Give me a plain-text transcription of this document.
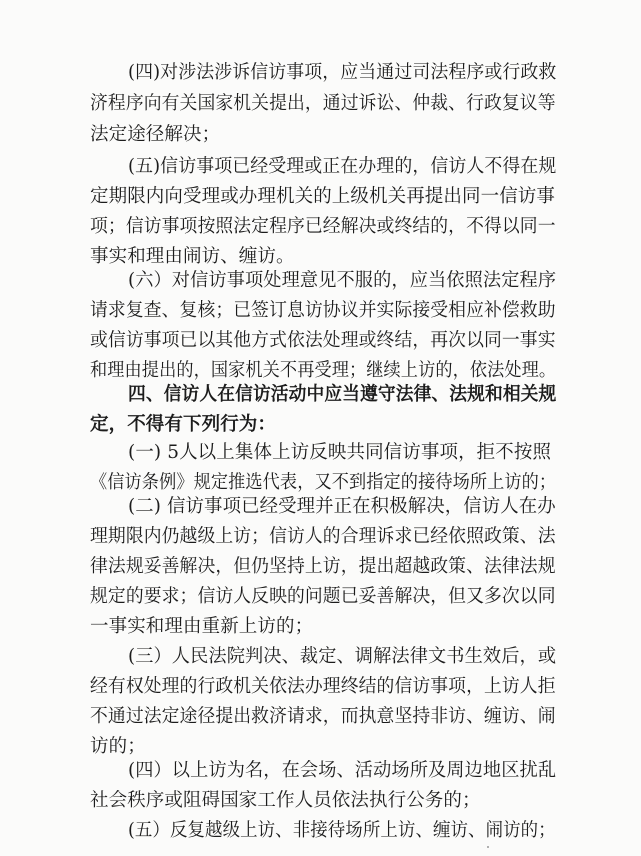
(四)对涉法涉诉信访事项，应当通过司法程序或行政救
济程序向有关国家机关提出，通过诉讼、仲裁、行政复议等
法定途径解决；
(五)信访事项已经受理或正在办理的，信访人不得在规
定期限内向受理或办理机关的上级机关再提出同一信访事
项；信访事项按照法定程序已经解决或终结的，不得以同一
事实和理由闹访、缠访。
(六）对信访事项处理意见不服的，应当依照法定程序
请求复查、复核；已签订息访协议并实际接受相应补偿救助
或信访事项已以其他方式依法处理或终结，再次以同一事实
和理由提出的，国家机关不再受理；继续上访的，依法处理。
四、信访人在信访活动中应当遵守法律、法规和相关规
定，不得有下列行为：
(一) 5人以上集体上访反映共同信访事项，拒不按照
《信访条例》规定推选代表，又不到指定的接待场所上访的；
(二) 信访事项已经受理并正在积极解决，信访人在办
理期限内仍越级上访；信访人的合理诉求已经依照政策、法
律法规妥善解决，但仍坚持上访，提出超越政策、法律法规
规定的要求；信访人反映的问题已妥善解决，但又多次以同
一事实和理由重新上访的；
(三）人民法院判决、裁定、调解法律文书生效后，或
经有权处理的行政机关依法办理终结的信访事项，上访人拒
不通过法定途径提出救济请求，而执意坚持非访、缠访、闹
访的；
(四）以上访为名，在会场、活动场所及周边地区扰乱
社会秩序或阻碍国家工作人员依法执行公务的；
(五）反复越级上访、非接待场所上访、缠访、闹访的；
